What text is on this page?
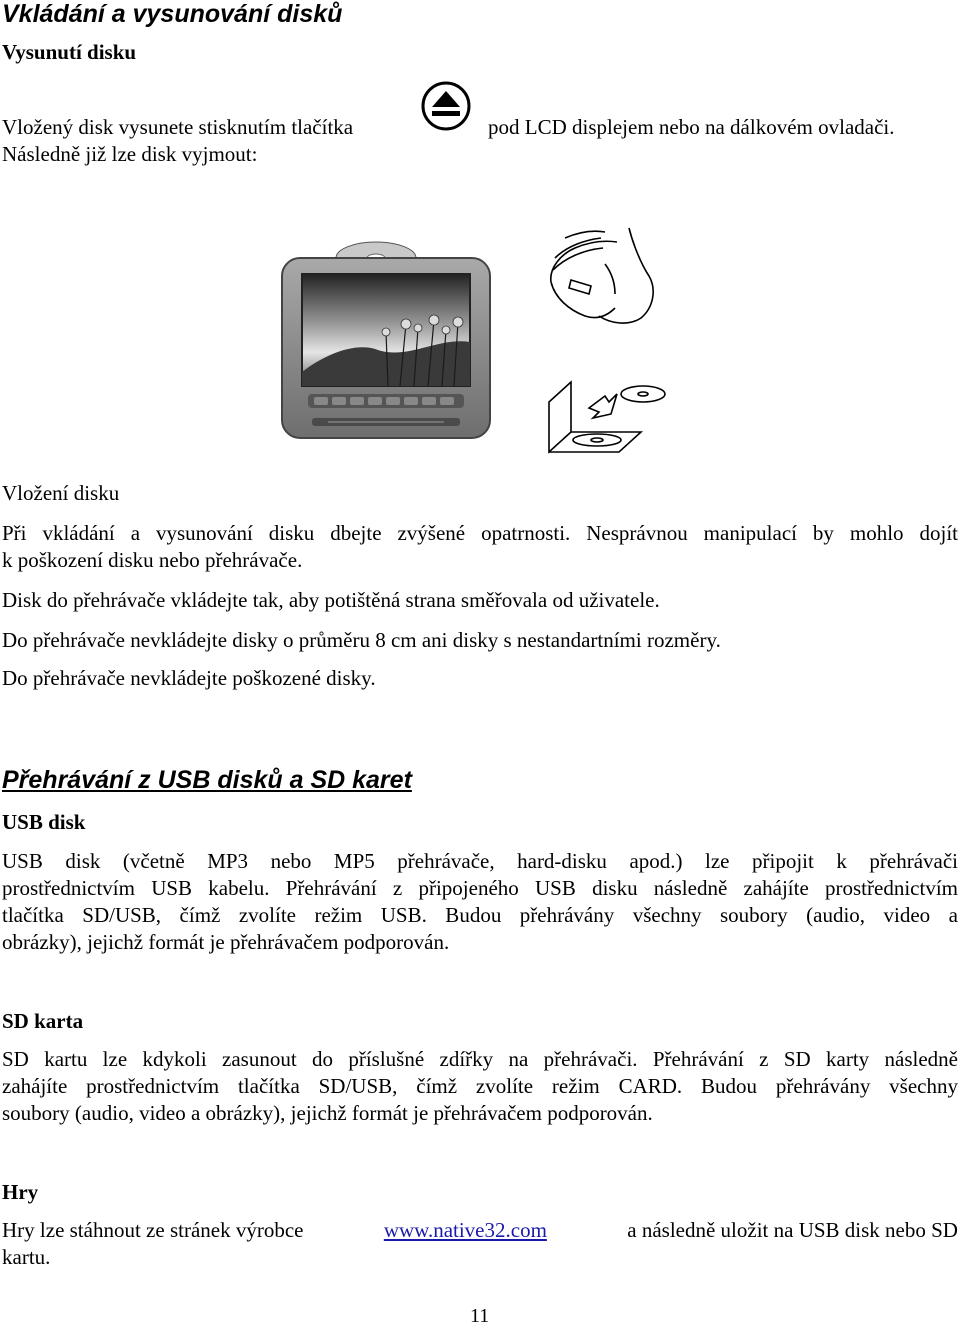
Vkládání a vysunování disků
Vysunutí disku
Vložený disk vysunete stisknutím tlačítka	pod LCD displejem nebo na dálkovém ovladači.
Následně již lze disk vyjmout:
Vložení disku
Při vkládání a vysunování disku dbejte zvýšené opatrnosti. Nesprávnou manipulací by mohlo dojít
k poškození disku nebo přehrávače.
Disk do přehrávače vkládejte tak, aby potištěná strana směřovala od uživatele.
Do přehrávače nevkládejte disky o průměru 8 cm ani disky s nestandartními rozměry.
Do přehrávače nevkládejte poškozené disky.
Přehrávání z USB disků a SD karet
USB disk
USB disk (včetně MP3 nebo MP5 přehrávače, hard-disku apod.) lze připojit k přehrávači
prostřednictvím USB kabelu. Přehrávání z připojeného USB disku následně zahájíte prostřednictvím
tlačítka SD/USB, čímž zvolíte režim USB. Budou přehrávány všechny soubory (audio, video a
obrázky), jejichž formát je přehrávačem podporován.
SD karta
SD kartu lze kdykoli zasunout do příslušné zdířky na přehrávači. Přehrávání z SD karty následně
zahájíte prostřednictvím tlačítka SD/USB, čímž zvolíte režim CARD. Budou přehrávány všechny
soubory (audio, video a obrázky), jejichž formát je přehrávačem podporován.
Hry
Hry lze stáhnout ze stránek výrobce	www.native32.com	a následně uložit na USB disk nebo SD
kartu.
11
